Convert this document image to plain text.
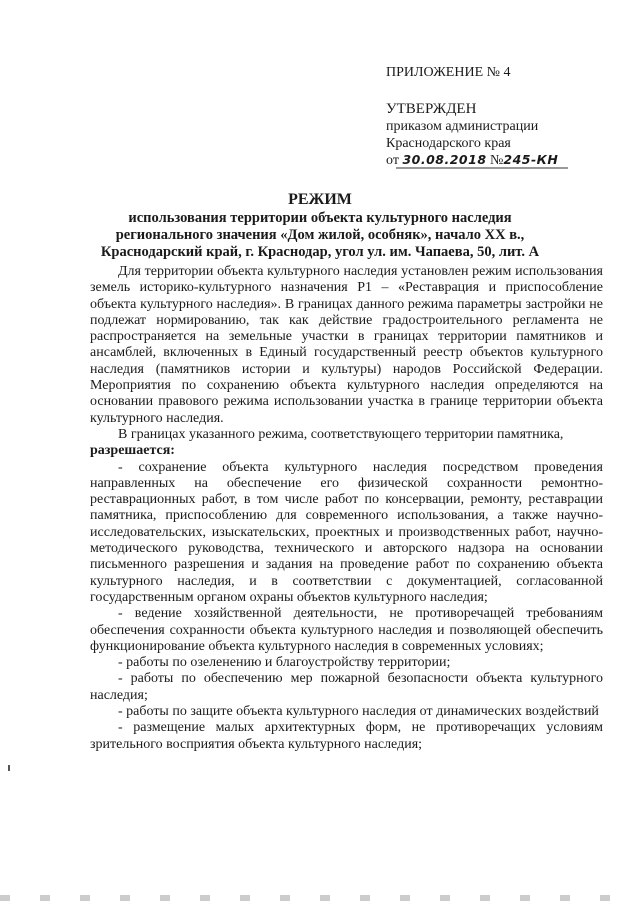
ПРИЛОЖЕНИЕ № 4
УТВЕРЖДЕН
приказом администрации
Краснодарского края
от 30.08.2018 №245-КН
РЕЖИМ
использования территории объекта культурного наследия
регионального значения «Дом жилой, особняк», начало XX в.,
Краснодарский край, г. Краснодар, угол ул. им. Чапаева, 50, лит. А

Для территории объекта культурного наследия установлен режим использования земель историко-культурного назначения Р1 – «Реставрация и приспособление объекта культурного наследия». В границах данного режима параметры застройки не подлежат нормированию, так как действие градостроительного регламента не распространяется на земельные участки в границах территории памятников и ансамблей, включенных в Единый государственный реестр объектов культурного наследия (памятников истории и культуры) народов Российской Федерации. Мероприятия по сохранению объекта культурного наследия определяются на основании правового режима использовании участка в границе территории объекта культурного наследия.

В границах указанного режима, соответствующего территории памятника,

разрешается:

- сохранение объекта культурного наследия посредством проведения направленных на обеспечение его физической сохранности ремонтно-реставрационных работ, в том числе работ по консервации, ремонту, реставрации памятника, приспособлению для современного использования, а также научно-исследовательских, изыскательских, проектных и производственных работ, научно-методического руководства, технического и авторского надзора на основании письменного разрешения и задания на проведение работ по сохранению объекта культурного наследия, и в соответствии с документацией, согласованной государственным органом охраны объектов культурного наследия;

- ведение хозяйственной деятельности, не противоречащей требованиям обеспечения сохранности объекта культурного наследия и позволяющей обеспечить функционирование объекта культурного наследия в современных условиях;

- работы по озеленению и благоустройству территории;

- работы по обеспечению мер пожарной безопасности объекта культурного наследия;

- работы по защите объекта культурного наследия от динамических воздействий

- размещение малых архитектурных форм, не противоречащих условиям зрительного восприятия объекта культурного наследия;
